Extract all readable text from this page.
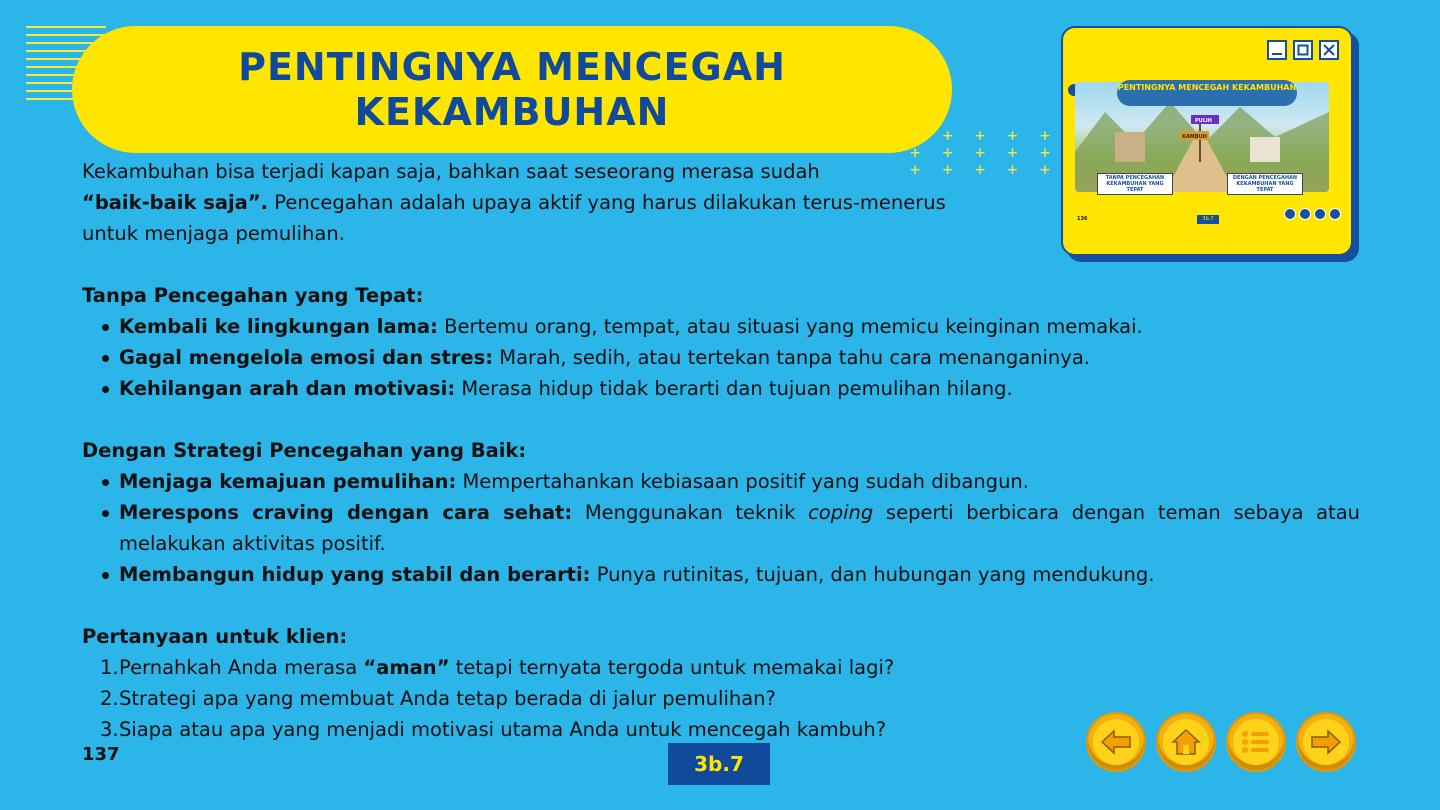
PENTINGNYA MENCEGAH
KEKAMBUHAN
+ + + + +
+ + + + +
+ + + + +

Kekambuhan bisa terjadi kapan saja, bahkan saat seseorang merasa sudah
“baik-baik saja”. Pencegahan adalah upaya aktif yang harus dilakukan terus-menerus untuk menjaga pemulihan.

Tanpa Pencegahan yang Tepat:

Kembali ke lingkungan lama: Bertemu orang, tempat, atau situasi yang memicu keinginan memakai.
Gagal mengelola emosi dan stres: Marah, sedih, atau tertekan tanpa tahu cara menanganinya.
Kehilangan arah dan motivasi: Merasa hidup tidak berarti dan tujuan pemulihan hilang.

Dengan Strategi Pencegahan yang Baik:

Menjaga kemajuan pemulihan: Mempertahankan kebiasaan positif yang sudah dibangun.
Merespons craving dengan cara sehat: Menggunakan teknik coping seperti berbicara dengan teman sebaya atau melakukan aktivitas positif.
Membangun hidup yang stabil dan berarti: Punya rutinitas, tujuan, dan hubungan yang mendukung.

Pertanyaan untuk klien:

1. Pernahkah Anda merasa “aman” tetapi ternyata tergoda untuk memakai lagi?
2. Strategi apa yang membuat Anda tetap berada di jalur pemulihan?
3. Siapa atau apa yang menjadi motivasi utama Anda untuk mencegah kambuh?
137	3b.7
PULIH
KAMBUH
PENTINGNYA MENCEGAH KEKAMBUHAN
TANPA PENCEGAHAN KEKAMBUHAN YANG TEPAT
DENGAN PENCEGAHAN KEKAMBUHAN YANG TEPAT
136	3b.7
